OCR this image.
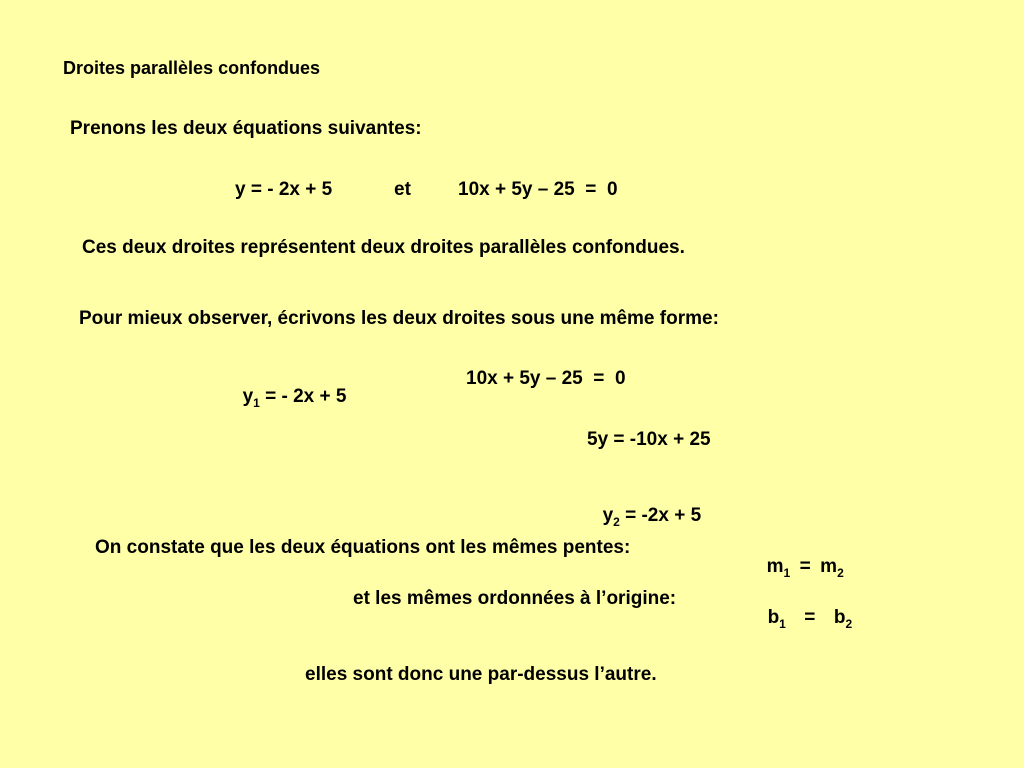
Droites parallèles confondues
Prenons les deux équations suivantes:
y = - 2x + 5	et 10x + 5y – 25  =  0
Ces deux droites représentent deux droites parallèles confondues.
Pour mieux observer, écrivons les deux droites sous une même forme:

$y_1$ = - 2x + 5

10x + 5y – 25  =  0
5y = -10x + 25

$y_2 = -2x + 5$

On constate que les deux équations ont les mêmes pentes:

$m_1 = m_2$

et les mêmes ordonnées à l’origine:

$b_1 = b_2$

elles sont donc une par-dessus l’autre.
